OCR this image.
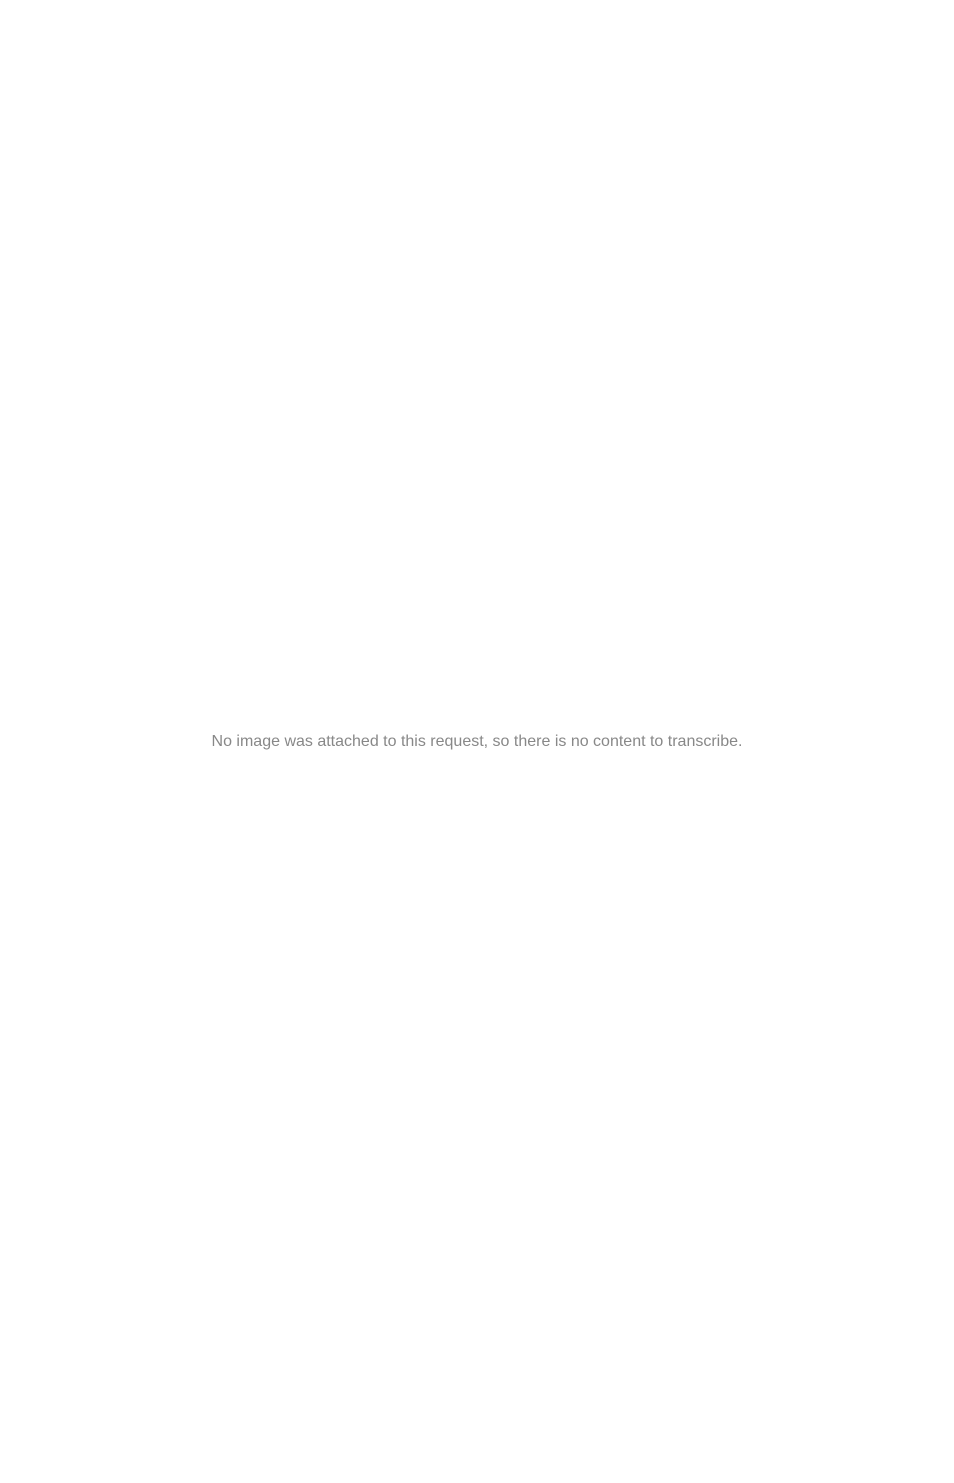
No image was attached to this request, so there is no content to transcribe.
